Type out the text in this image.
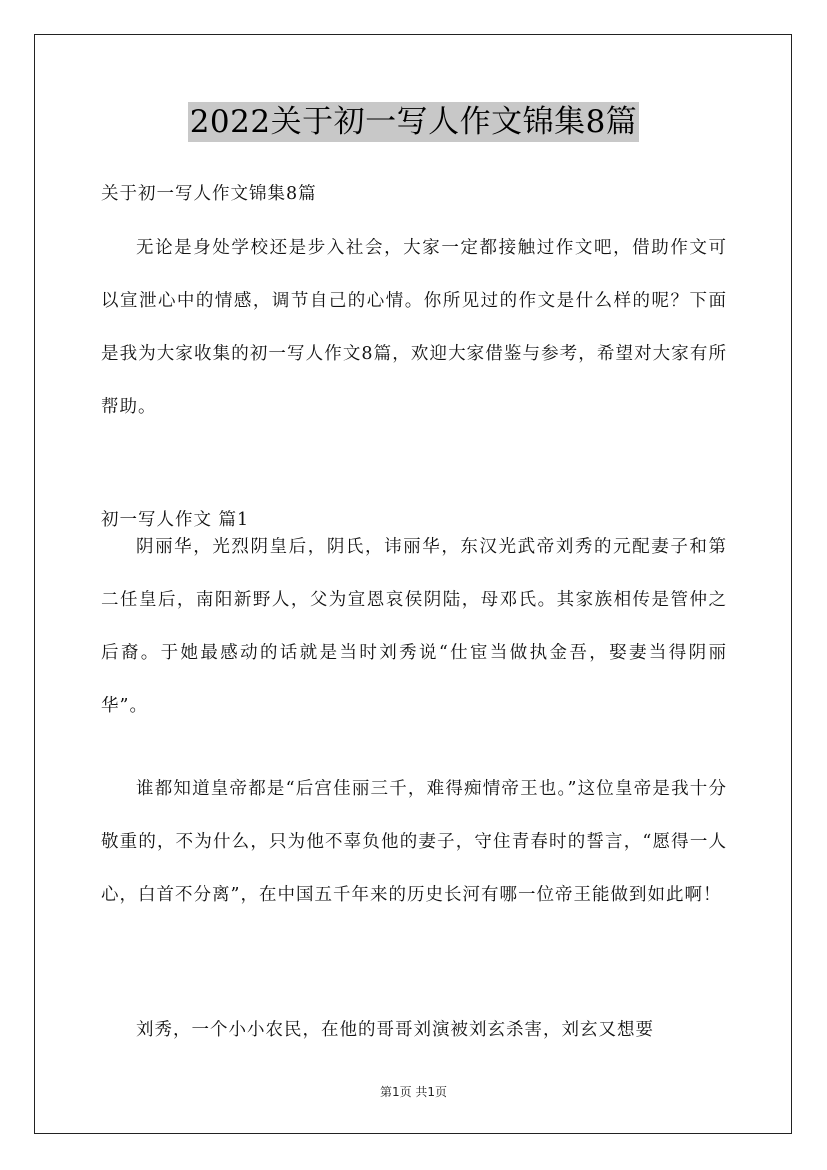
2022关于初一写人作文锦集8篇
关于初一写人作文锦集8篇

无论是身处学校还是步入社会，大家一定都接触过作文吧，借助作文可以宣泄心中的情感，调节自己的心情。你所见过的作文是什么样的呢？下面是我为大家收集的初一写人作文8篇，欢迎大家借鉴与参考，希望对大家有所帮助。

初一写人作文 篇1

阴丽华，光烈阴皇后，阴氏，讳丽华，东汉光武帝刘秀的元配妻子和第二任皇后，南阳新野人，父为宣恩哀侯阴陆，母邓氏。其家族相传是管仲之后裔。于她最感动的话就是当时刘秀说“仕宦当做执金吾，娶妻当得阴丽华”。

谁都知道皇帝都是“后宫佳丽三千，难得痴情帝王也。”这位皇帝是我十分敬重的，不为什么，只为他不辜负他的妻子，守住青春时的誓言，“愿得一人心，白首不分离”，在中国五千年来的历史长河有哪一位帝王能做到如此啊！

刘秀，一个小小农民，在他的哥哥刘演被刘玄杀害，刘玄又想要

第1页 共1页
